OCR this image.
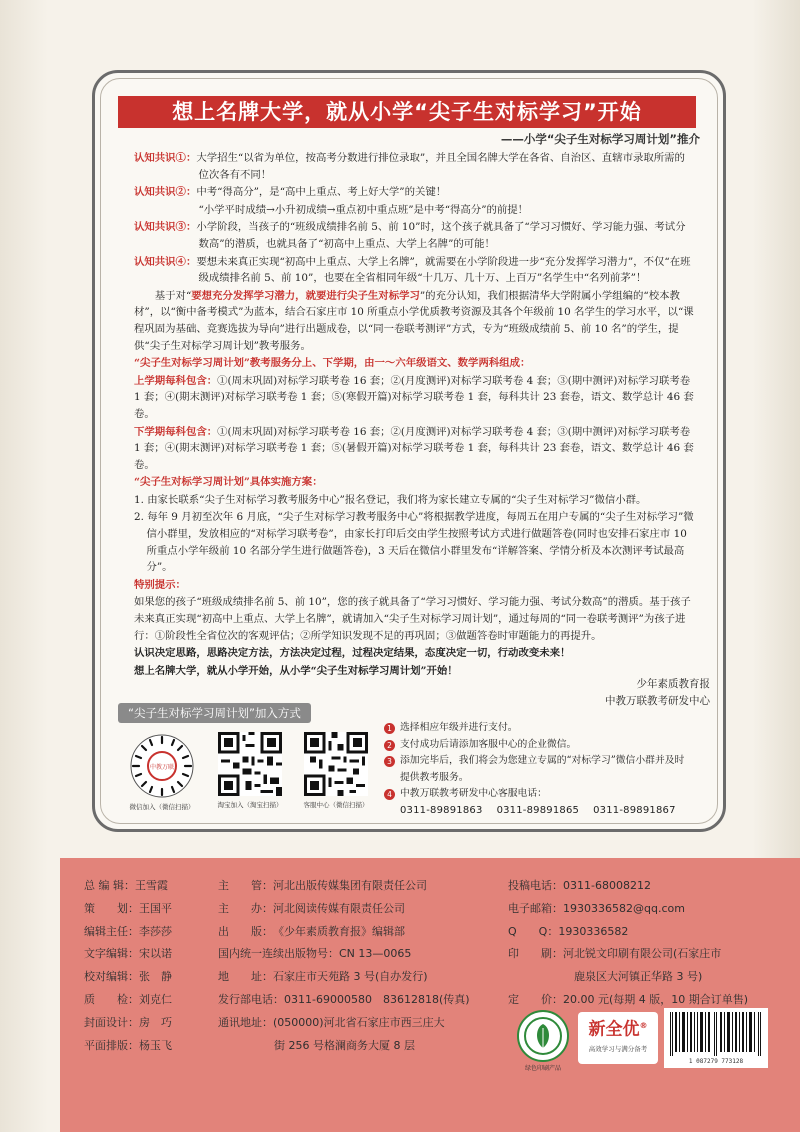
想上名牌大学，就从小学“尖子生对标学习”开始
——小学“尖子生对标学习周计划”推介
认知共识①：大学招生“以省为单位，按高考分数进行排位录取”，并且全国名牌大学在各省、自治区、直辖市录取所需的位次各有不同！
认知共识②：中考“得高分”，是“高中上重点、考上好大学”的关键！
“小学平时成绩→小升初成绩→重点初中重点班”是中考“得高分”的前提！
认知共识③：小学阶段，当孩子的“班级成绩排名前 5、前 10”时，这个孩子就具备了“学习习惯好、学习能力强、考试分数高”的潜质，也就具备了“初高中上重点、大学上名牌”的可能！
认知共识④：要想未来真正实现“初高中上重点、大学上名牌”，就需要在小学阶段进一步“充分发挥学习潜力”，不仅“在班级成绩排名前 5、前 10”，也要在全省相同年级“十几万、几十万、上百万”名学生中“名列前茅”！
基于对“要想充分发挥学习潜力，就要进行尖子生对标学习”的充分认知，我们根据清华大学附属小学组编的“校本教材”，以“衡中备考模式”为蓝本，结合石家庄市 10 所重点小学优质教考资源及其各个年级前 10 名学生的学习水平，以“课程巩固为基础、竞赛选拔为导向”进行出题成卷，以“同一卷联考测评”方式，专为“班级成绩前 5、前 10 名”的学生，提供“尖子生对标学习周计划”教考服务。
“尖子生对标学习周计划”教考服务分上、下学期，由一～六年级语文、数学两科组成：
上学期每科包含：①(周末巩固)对标学习联考卷 16 套；②(月度测评)对标学习联考卷 4 套；③(期中测评)对标学习联考卷 1 套；④(期末测评)对标学习联考卷 1 套；⑤(寒假开篇)对标学习联考卷 1 套，每科共计 23 套卷，语文、数学总计 46 套卷。
下学期每科包含：①(周末巩固)对标学习联考卷 16 套；②(月度测评)对标学习联考卷 4 套；③(期中测评)对标学习联考卷 1 套；④(期末测评)对标学习联考卷 1 套；⑤(暑假开篇)对标学习联考卷 1 套，每科共计 23 套卷，语文、数学总计 46 套卷。
“尖子生对标学习周计划”具体实施方案：
1. 由家长联系“尖子生对标学习教考服务中心”报名登记，我们将为家长建立专属的“尖子生对标学习”微信小群。
2. 每年 9 月初至次年 6 月底，“尖子生对标学习教考服务中心”将根据教学进度，每周五在用户专属的“尖子生对标学习”微信小群里，发放相应的“对标学习联考卷”，由家长打印后交由学生按照考试方式进行做题答卷(同时也安排石家庄市 10 所重点小学年级前 10 名部分学生进行做题答卷)，3 天后在微信小群里发布“详解答案、学情分析及本次测评考试最高分”。
特别提示：
如果您的孩子“班级成绩排名前 5、前 10”，您的孩子就具备了“学习习惯好、学习能力强、考试分数高”的潜质。基于孩子未来真正实现“初高中上重点、大学上名牌”，就请加入“尖子生对标学习周计划”，通过每周的“同一卷联考测评”为孩子进行：①阶段性全省位次的客观评估；②所学知识发现不足的再巩固；③做题答卷时审题能力的再提升。
认识决定思路，思路决定方法，方法决定过程，过程决定结果，态度决定一切，行动改变未来！
想上名牌大学，就从小学开始，从小学“尖子生对标学习周计划”开始！
少年素质教育报
中教万联教考研发中心
“尖子生对标学习周计划”加入方式
中教万联
微信加入（微信扫描）	淘宝加入（淘宝扫描）	客服中心（微信扫描）
1 选择相应年级并进行支付。
2 支付成功后请添加客服中心的企业微信。
3 添加完毕后，我们将会为您建立专属的“对标学习”微信小群并及时提供教考服务。
4 中教万联教考研发中心客服电话：
0311-89891863 0311-89891865 0311-89891867
总 编 辑：王雪霞
策　　划：王国平
编辑主任：李莎莎
文字编辑：宋以诺
校对编辑：张　静
质　　检：刘克仁
封面设计：房　巧
平面排版：杨玉飞
主　　管：河北出版传媒集团有限责任公司
主　　办：河北阅读传媒有限责任公司
出　　版：《少年素质教育报》编辑部
国内统一连续出版物号：CN 13—0065
地　　址：石家庄市天苑路 3 号(自办发行)
发行部电话：0311-69000580　83612818(传真)
通讯地址：(050000)河北省石家庄市西三庄大
街 256 号格澜商务大厦 8 层
投稿电话：0311-68008212
电子邮箱：1930336582@qq.com
Q　　Q：1930336582
印　　刷：河北锐文印刷有限公司(石家庄市
鹿泉区大河镇正华路 3 号)
定　　价：20.00 元(每期 4 版，10 期合订单售)
绿色印刷产品
新全优®
高效学习与满分备考
1 087279 773128
